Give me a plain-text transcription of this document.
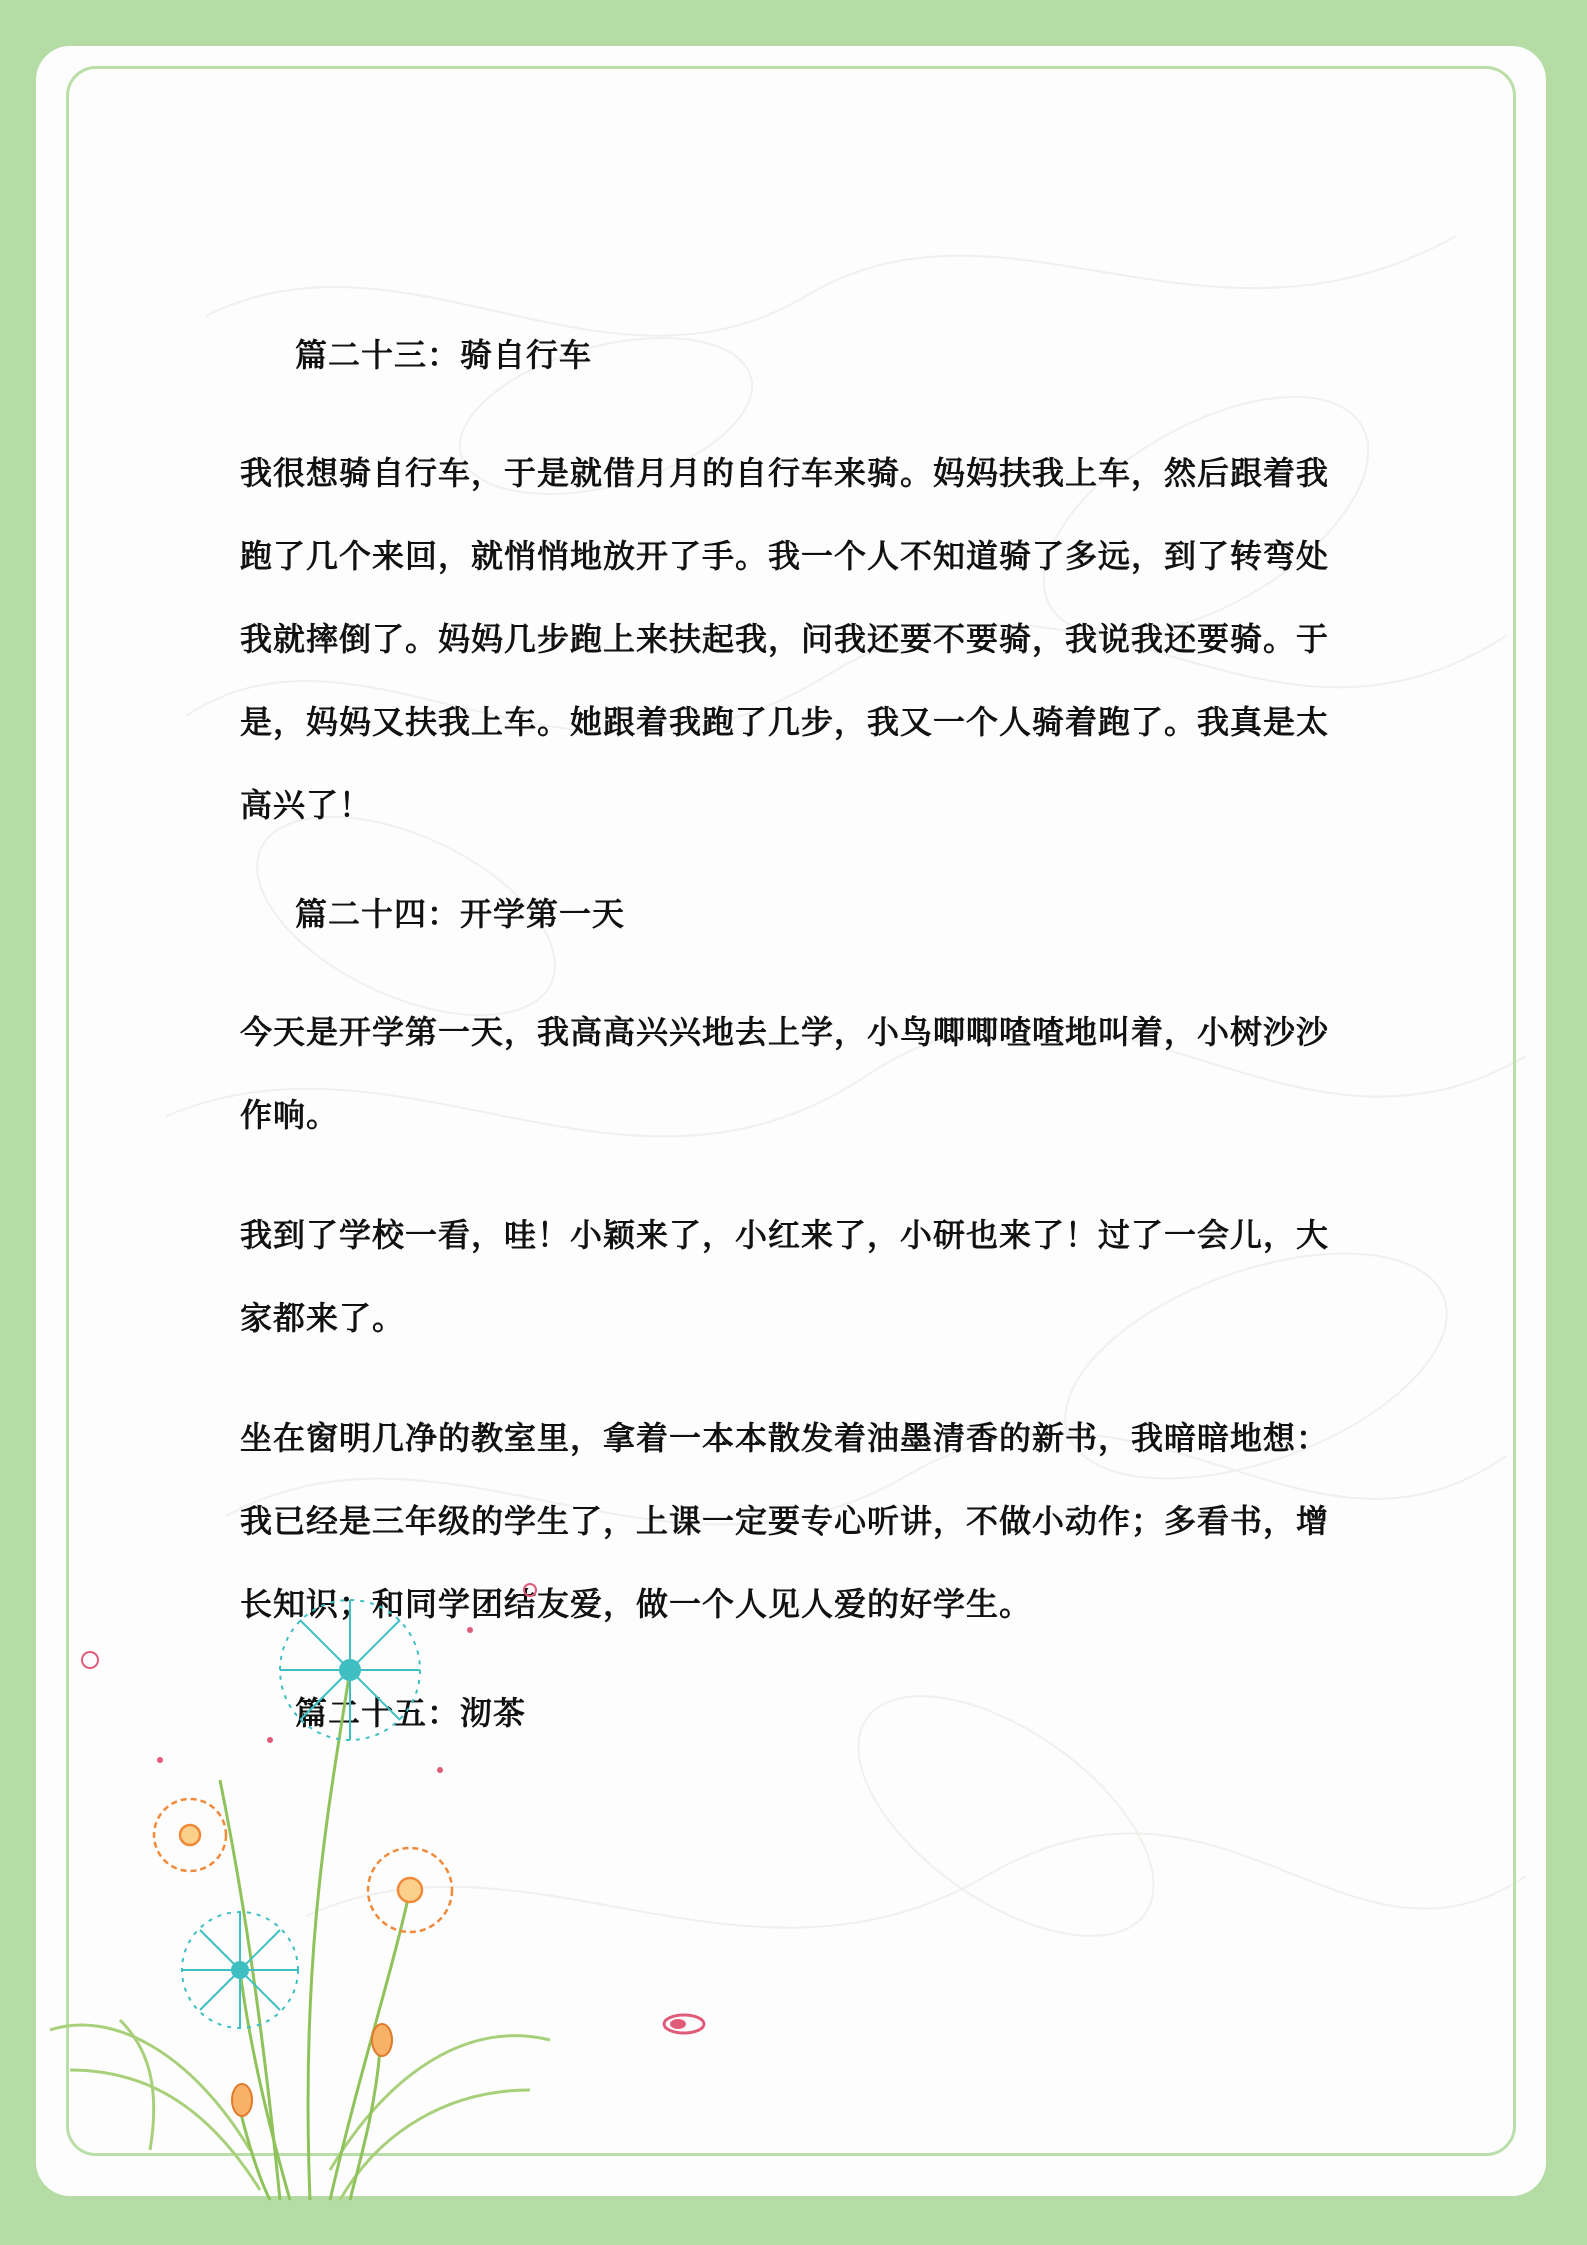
篇二十三：骑自行车

我很想骑自行车，于是就借月月的自行车来骑。妈妈扶我上车，然后跟着我跑了几个来回，就悄悄地放开了手。我一个人不知道骑了多远，到了转弯处我就摔倒了。妈妈几步跑上来扶起我，问我还要不要骑，我说我还要骑。于是，妈妈又扶我上车。她跟着我跑了几步，我又一个人骑着跑了。我真是太高兴了！

篇二十四：开学第一天

今天是开学第一天，我高高兴兴地去上学，小鸟唧唧喳喳地叫着，小树沙沙作响。

我到了学校一看，哇！小颖来了，小红来了，小研也来了！过了一会儿，大家都来了。

坐在窗明几净的教室里，拿着一本本散发着油墨清香的新书，我暗暗地想：我已经是三年级的学生了，上课一定要专心听讲，不做小动作；多看书，增长知识；和同学团结友爱，做一个人见人爱的好学生。

篇二十五：沏茶
